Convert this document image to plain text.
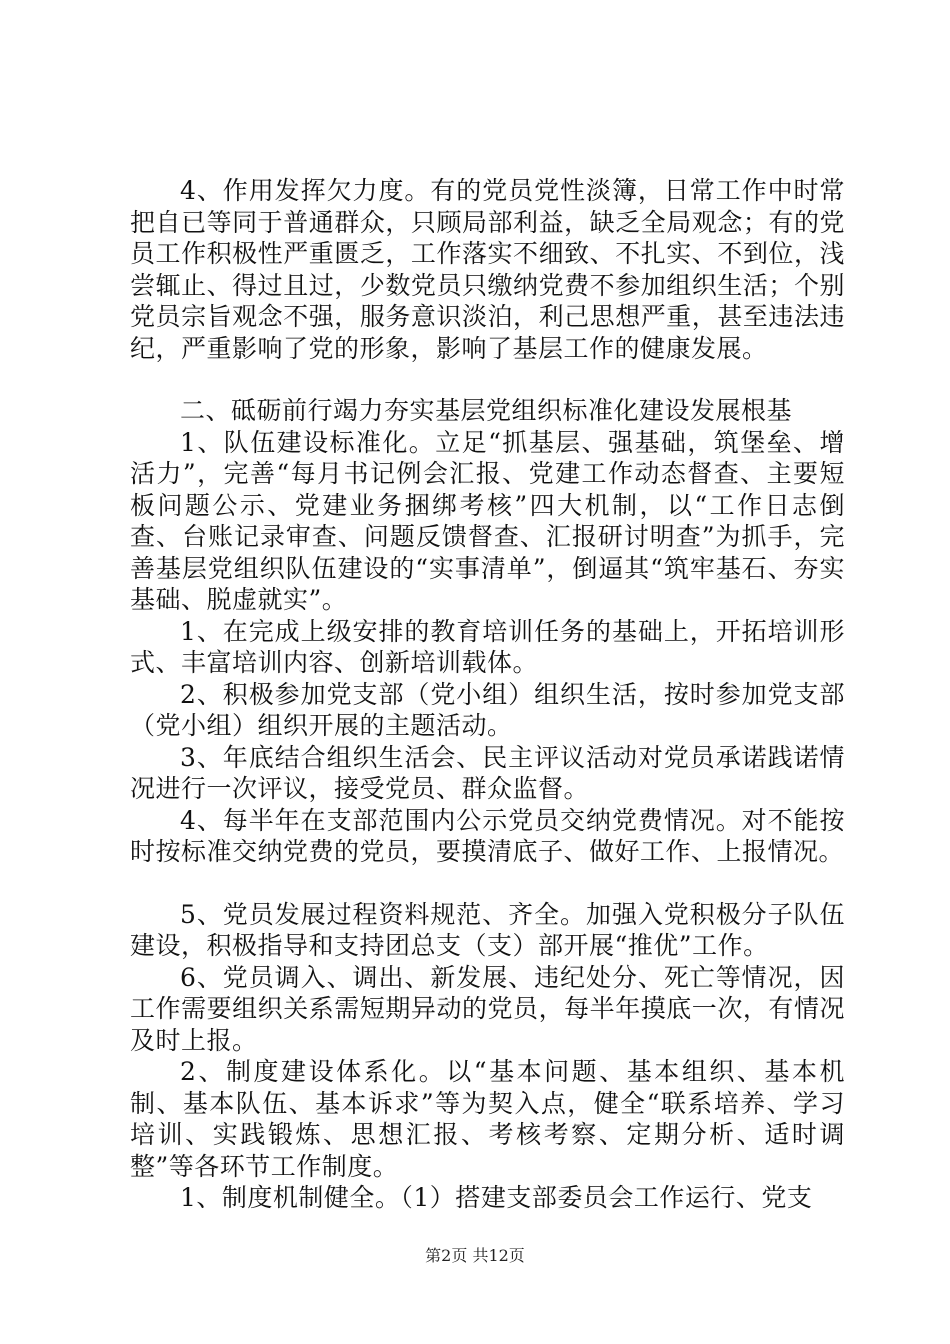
4、作用发挥欠力度。有的党员党性淡簿，日常工作中时常把自已等同于普通群众，只顾局部利益，缺乏全局观念；有的党员工作积极性严重匮乏，工作落实不细致、不扎实、不到位，浅尝辄止、得过且过，少数党员只缴纳党费不参加组织生活；个别党员宗旨观念不强，服务意识淡泊，利己思想严重，甚至违法违纪，严重影响了党的形象，影响了基层工作的健康发展。

二、砥砺前行竭力夯实基层党组织标准化建设发展根基

1、队伍建设标准化。立足“抓基层、强基础，筑堡垒、增活力”，完善“每月书记例会汇报、党建工作动态督查、主要短板问题公示、党建业务捆绑考核”四大机制，以“工作日志倒查、台账记录审查、问题反馈督查、汇报研讨明查”为抓手，完善基层党组织队伍建设的“实事清单”，倒逼其“筑牢基石、夯实基础、脱虚就实”。

1、在完成上级安排的教育培训任务的基础上，开拓培训形式、丰富培训内容、创新培训载体。

2、积极参加党支部（党小组）组织生活，按时参加党支部（党小组）组织开展的主题活动。

3、年底结合组织生活会、民主评议活动对党员承诺践诺情况进行一次评议，接受党员、群众监督。

4、每半年在支部范围内公示党员交纳党费情况。对不能按时按标准交纳党费的党员，要摸清底子、做好工作、上报情况。

5、党员发展过程资料规范、齐全。加强入党积极分子队伍建设，积极指导和支持团总支（支）部开展“推优”工作。

6、党员调入、调出、新发展、违纪处分、死亡等情况，因工作需要组织关系需短期异动的党员，每半年摸底一次，有情况及时上报。

2、制度建设体系化。以“基本问题、基本组织、基本机制、基本队伍、基本诉求”等为契入点，健全“联系培养、学习培训、实践锻炼、思想汇报、考核考察、定期分析、适时调整”等各环节工作制度。

1、制度机制健全。（1）搭建支部委员会工作运行、党支

第2页 共12页
